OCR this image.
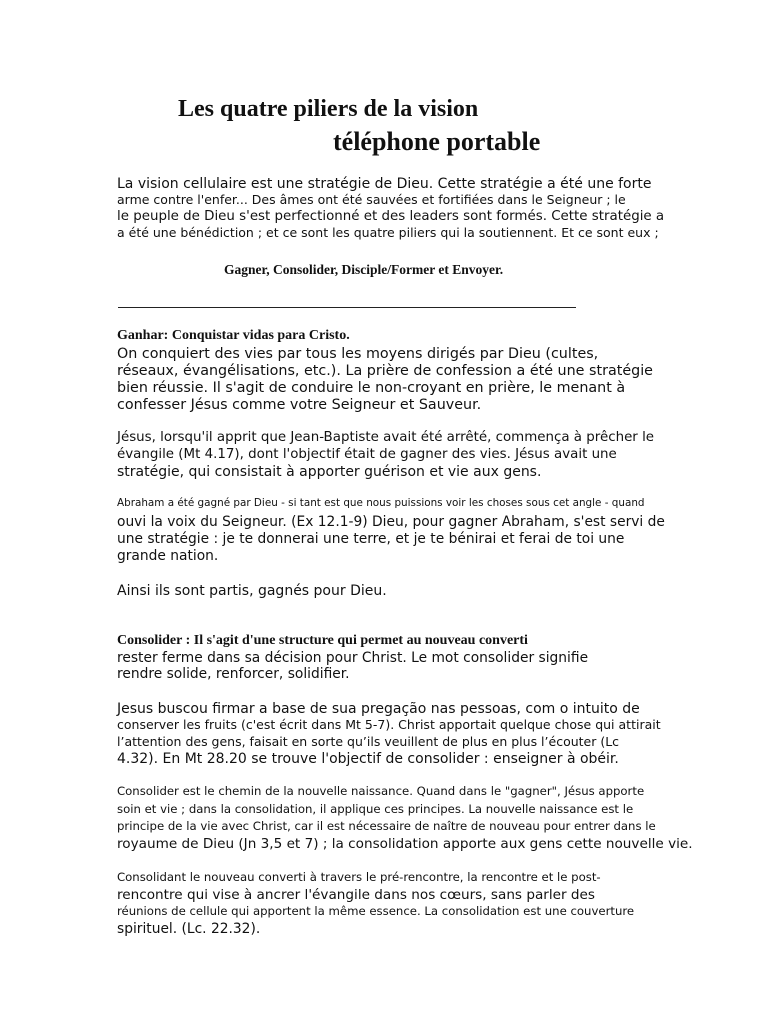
Les quatre piliers de la vision
téléphone portable
La vision cellulaire est une stratégie de Dieu. Cette stratégie a été une forte
arme contre l'enfer... Des âmes ont été sauvées et fortifiées dans le Seigneur ; le
le peuple de Dieu s'est perfectionné et des leaders sont formés. Cette stratégie a
a été une bénédiction ; et ce sont les quatre piliers qui la soutiennent. Et ce sont eux ;
Gagner, Consolider, Disciple/Former et Envoyer.
Ganhar: Conquistar vidas para Cristo.
On conquiert des vies par tous les moyens dirigés par Dieu (cultes,
réseaux, évangélisations, etc.). La prière de confession a été une stratégie
bien réussie. Il s'agit de conduire le non-croyant en prière, le menant à
confesser Jésus comme votre Seigneur et Sauveur.
Jésus, lorsqu'il apprit que Jean-Baptiste avait été arrêté, commença à prêcher le
évangile (Mt 4.17), dont l'objectif était de gagner des vies. Jésus avait une
stratégie, qui consistait à apporter guérison et vie aux gens.
Abraham a été gagné par Dieu - si tant est que nous puissions voir les choses sous cet angle - quand
ouvi la voix du Seigneur. (Ex 12.1-9) Dieu, pour gagner Abraham, s'est servi de
une stratégie : je te donnerai une terre, et je te bénirai et ferai de toi une
grande nation.
Ainsi ils sont partis, gagnés pour Dieu.
Consolider : Il s'agit d'une structure qui permet au nouveau converti
rester ferme dans sa décision pour Christ. Le mot consolider signifie
rendre solide, renforcer, solidifier.
Jesus buscou firmar a base de sua pregação nas pessoas, com o intuito de
conserver les fruits (c'est écrit dans Mt 5-7). Christ apportait quelque chose qui attirait
l’attention des gens, faisait en sorte qu’ils veuillent de plus en plus l’écouter (Lc
4.32). En Mt 28.20 se trouve l'objectif de consolider : enseigner à obéir.
Consolider est le chemin de la nouvelle naissance. Quand dans le "gagner", Jésus apporte
soin et vie ; dans la consolidation, il applique ces principes. La nouvelle naissance est le
principe de la vie avec Christ, car il est nécessaire de naître de nouveau pour entrer dans le
royaume de Dieu (Jn 3,5 et 7) ; la consolidation apporte aux gens cette nouvelle vie.
Consolidant le nouveau converti à travers le pré-rencontre, la rencontre et le post-
rencontre qui vise à ancrer l'évangile dans nos cœurs, sans parler des
réunions de cellule qui apportent la même essence. La consolidation est une couverture
spirituel. (Lc. 22.32).
